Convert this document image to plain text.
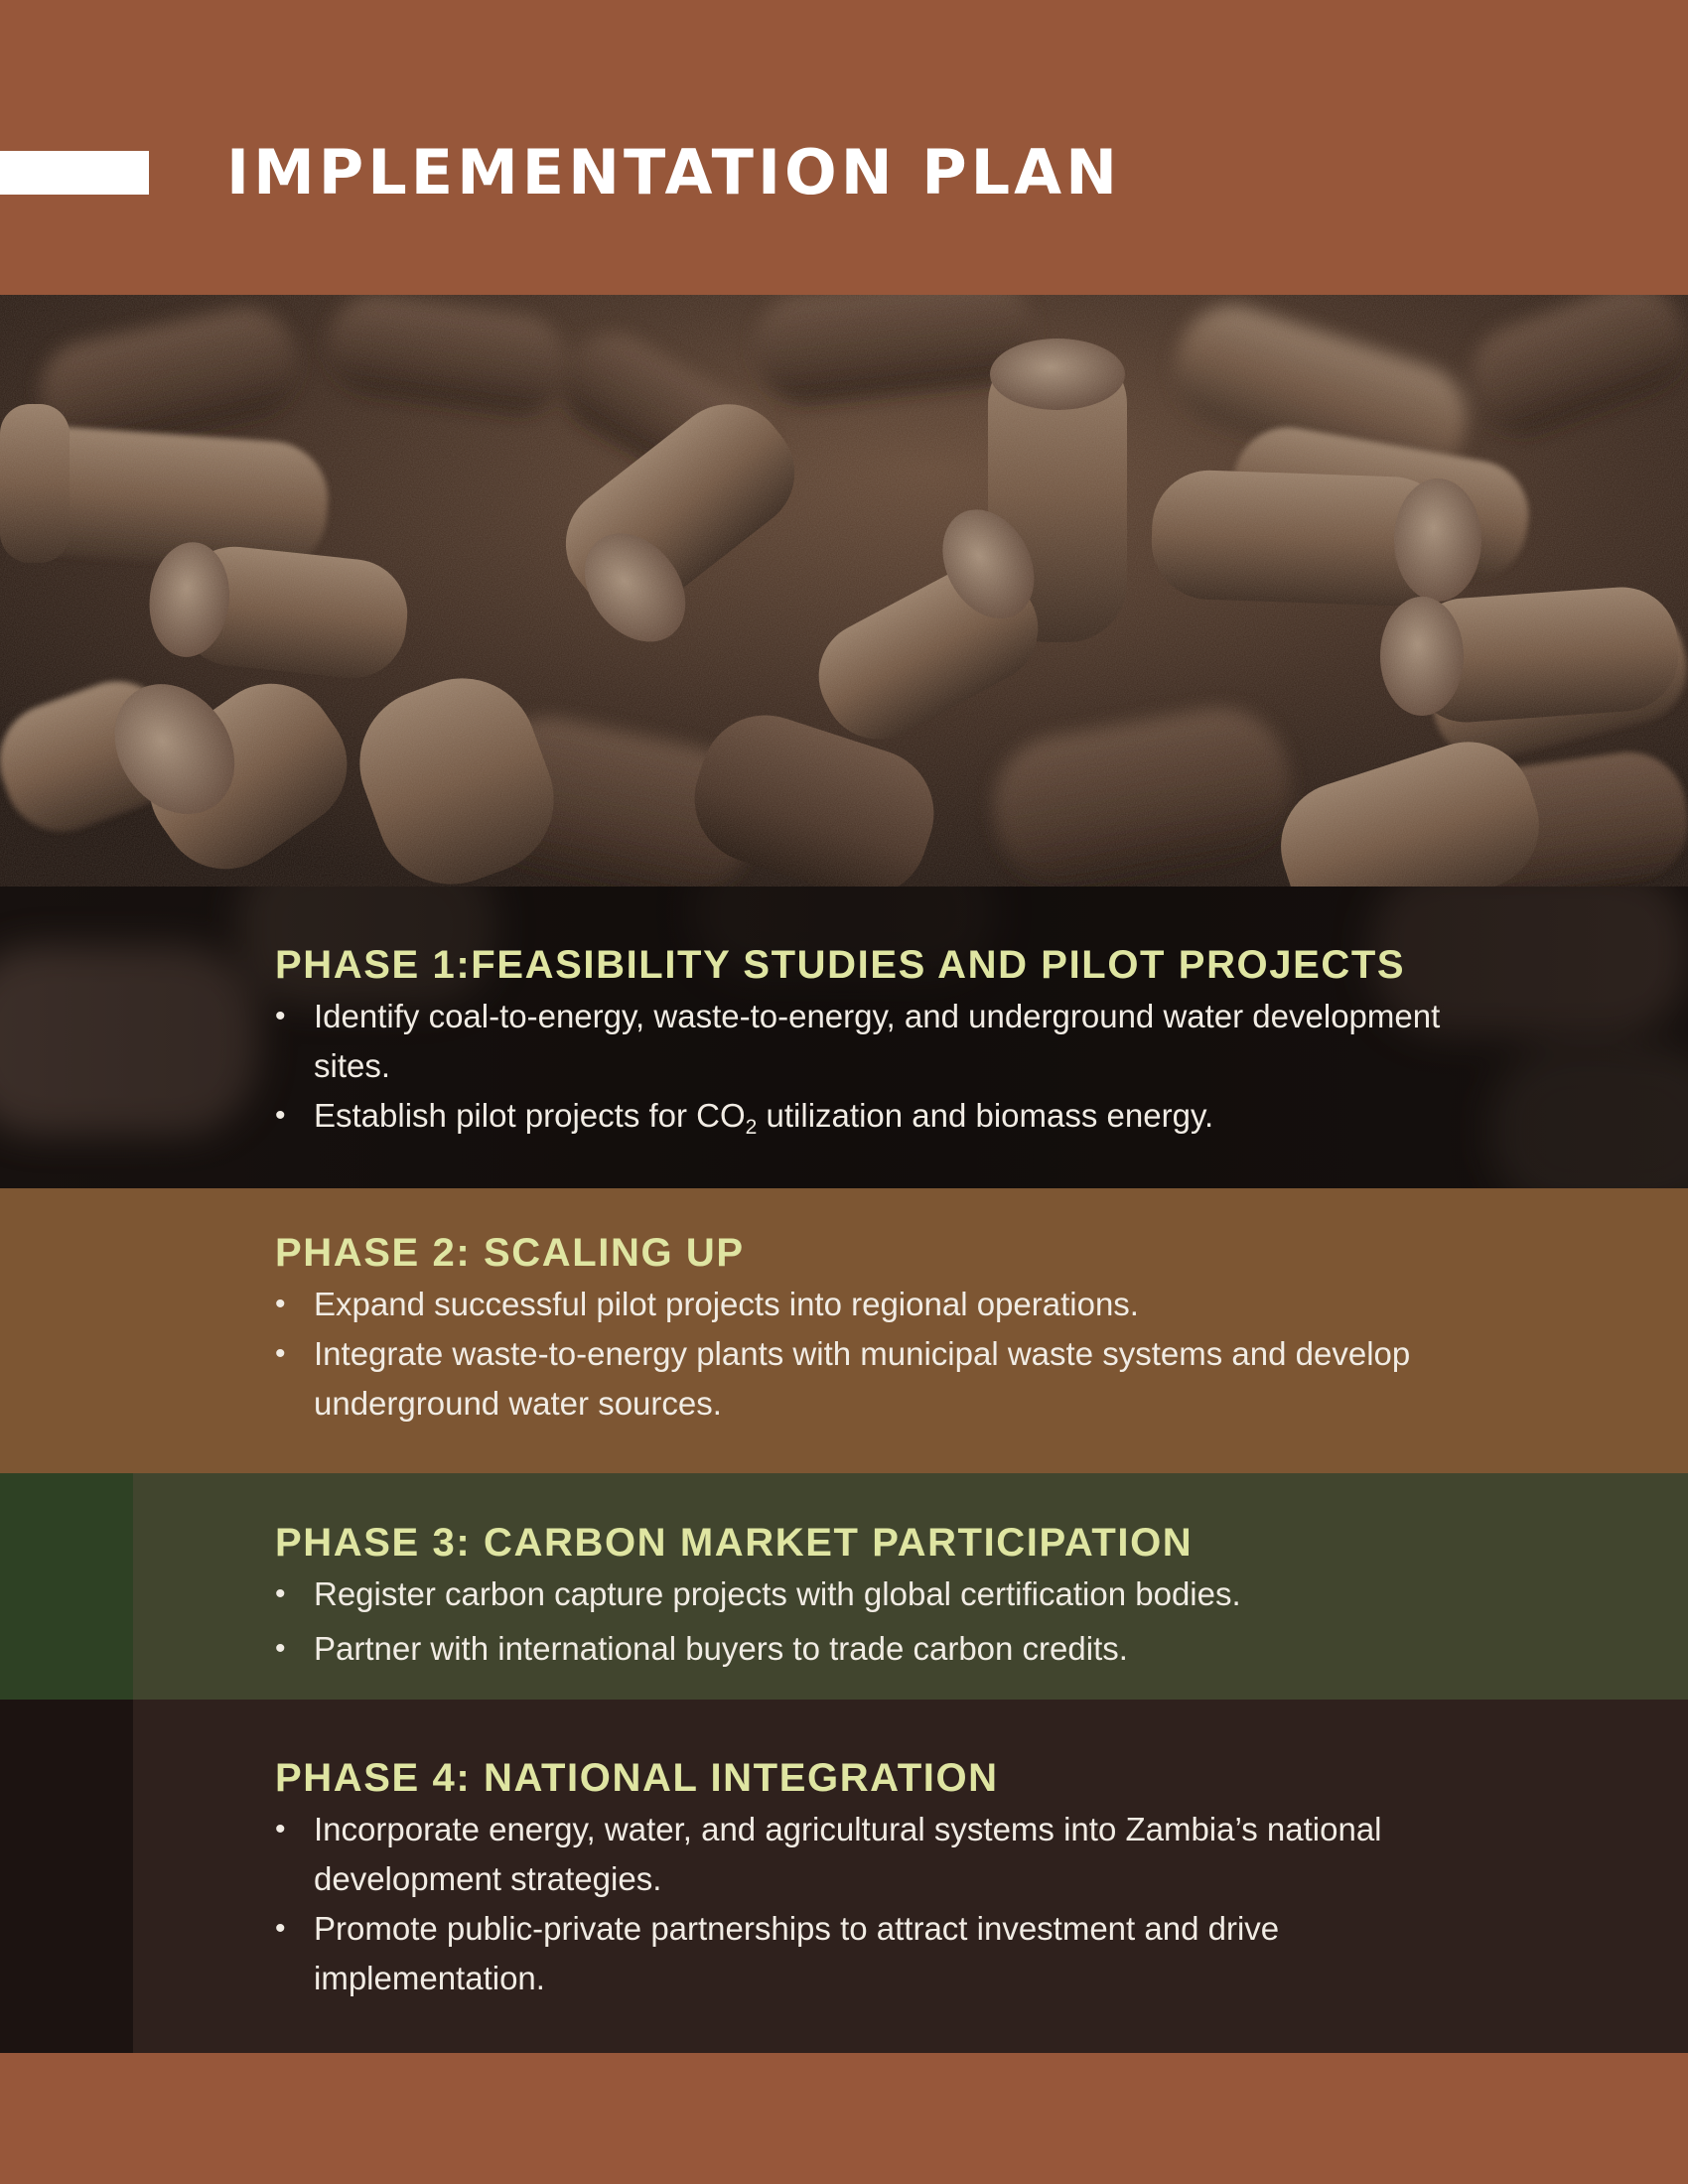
IMPLEMENTATION PLAN
PHASE 1:FEASIBILITY STUDIES AND PILOT PROJECTS
• Identify coal-to-energy, waste-to-energy, and underground water development sites.
• Establish pilot projects for $CO_2$ utilization and biomass energy.
PHASE 2: SCALING UP
• Expand successful pilot projects into regional operations.
• Integrate waste-to-energy plants with municipal waste systems and develop underground water sources.
PHASE 3: CARBON MARKET PARTICIPATION
• Register carbon capture projects with global certification bodies.
• Partner with international buyers to trade carbon credits.
PHASE 4: NATIONAL INTEGRATION
• Incorporate energy, water, and agricultural systems into Zambia’s national development strategies.
• Promote public-private partnerships to attract investment and drive implementation.
